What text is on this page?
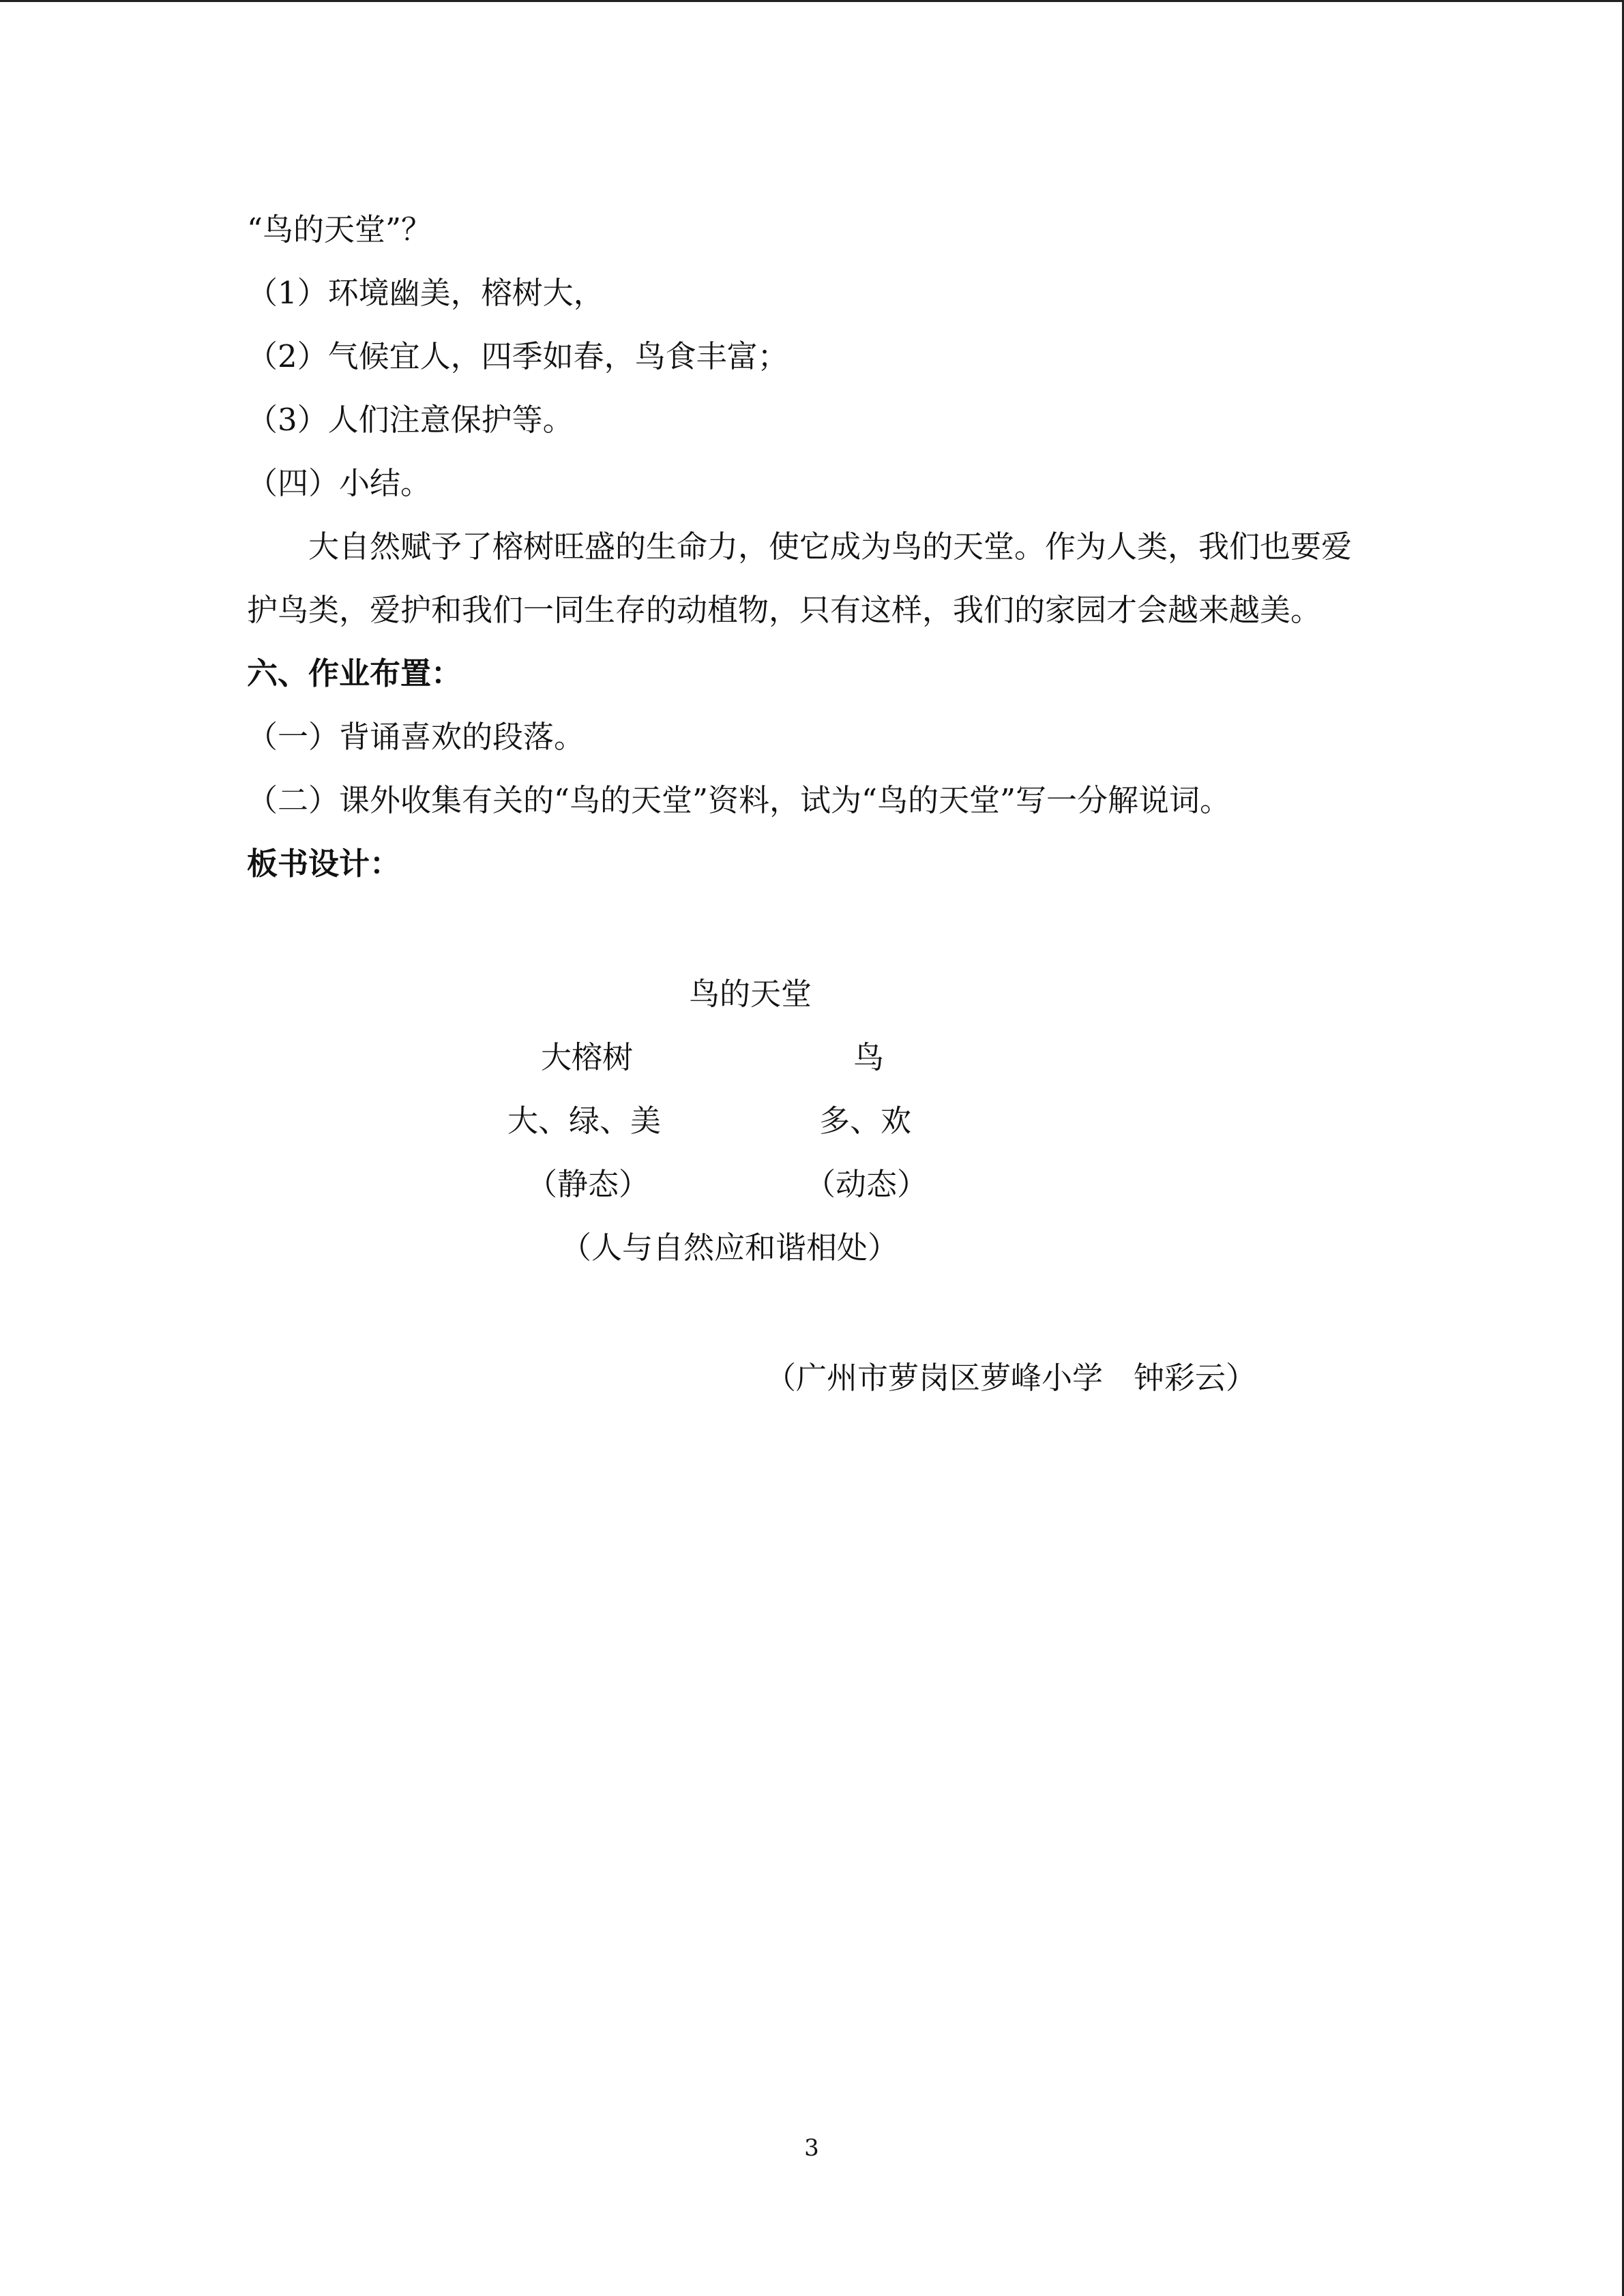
“鸟的天堂”？
（1）环境幽美，榕树大，
（2）气候宜人，四季如春，鸟食丰富；
（3）人们注意保护等。
（四）小结。
大自然赋予了榕树旺盛的生命力，使它成为鸟的天堂。作为人类，我们也要爱护鸟类，爱护和我们一同生存的动植物，只有这样，我们的家园才会越来越美。
六、作业布置：
（一）背诵喜欢的段落。
（二）课外收集有关的“鸟的天堂”资料，试为“鸟的天堂”写一分解说词。
板书设计：
鸟的天堂
大榕树	鸟
大、绿、美	多、欢
（静态）	（动态）
（人与自然应和谐相处）
（广州市萝岗区萝峰小学　钟彩云）
3
